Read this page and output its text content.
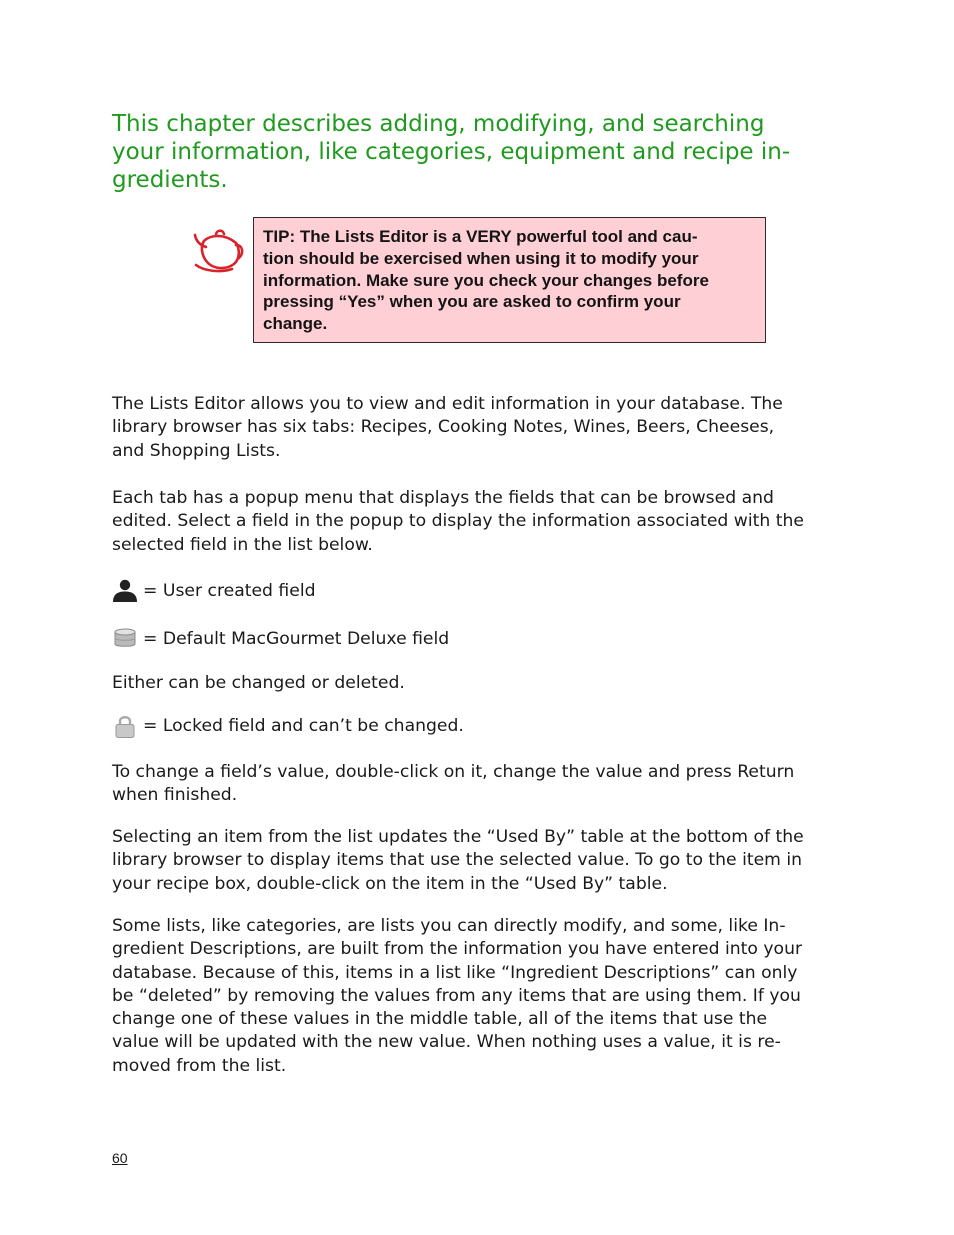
This chapter describes adding, modifying, and searching
your information, like categories, equipment and recipe in-
gredients.

TIP: The Lists Editor is a VERY powerful tool and cau-
tion should be exercised when using it to modify your
information. Make sure you check your changes before
pressing “Yes” when you are asked to confirm your
change.

The Lists Editor allows you to view and edit information in your database. The
library browser has six tabs: Recipes, Cooking Notes, Wines, Beers, Cheeses,
and Shopping Lists.

Each tab has a popup menu that displays the fields that can be browsed and
edited. Select a field in the popup to display the information associated with the
selected field in the list below.

= User created field
= Default MacGourmet Deluxe field

Either can be changed or deleted.

= Locked field and can’t be changed.

To change a field’s value, double-click on it, change the value and press Return
when finished.

Selecting an item from the list updates the “Used By” table at the bottom of the
library browser to display items that use the selected value. To go to the item in
your recipe box, double-click on the item in the “Used By” table.

Some lists, like categories, are lists you can directly modify, and some, like In-
gredient Descriptions, are built from the information you have entered into your
database. Because of this, items in a list like “Ingredient Descriptions” can only
be “deleted” by removing the values from any items that are using them. If you
change one of these values in the middle table, all of the items that use the
value will be updated with the new value. When nothing uses a value, it is re-
moved from the list.

60
